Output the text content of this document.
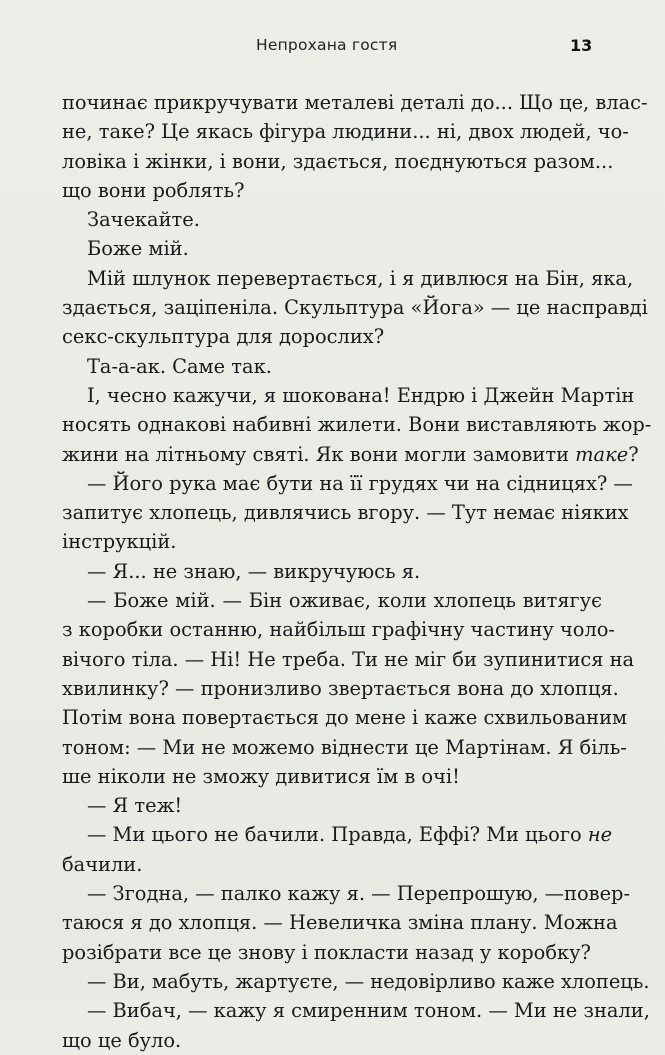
Непрохана гостя	13
починає прикручувати металеві деталі до... Що це, влас-
не, таке? Це якась фігура людини... ні, двох людей, чо-
ловіка і жінки, і вони, здається, поєднуються разом...
що вони роблять?
Зачекайте.
Боже мій.
Мій шлунок перевертається, і я дивлюся на Бін, яка,
здається, заціпеніла. Скульптура «Йога» — це насправді
секс-скульптура для дорослих?
Та-а-ак. Саме так.
І, чесно кажучи, я шокована! Ендрю і Джейн Мартін
носять однакові набивні жилети. Вони виставляють жор-
жини на літньому святі. Як вони могли замовити таке?
— Його рука має бути на її грудях чи на сідницях? —
запитує хлопець, дивлячись вгору. — Тут немає ніяких
інструкцій.
— Я... не знаю, — викручуюсь я.
— Боже мій. — Бін оживає, коли хлопець витягує
з коробки останню, найбільш графічну частину чоло-
вічого тіла. — Ні! Не треба. Ти не міг би зупинитися на
хвилинку? — пронизливо звертається вона до хлопця.
Потім вона повертається до мене і каже схвильованим
тоном: — Ми не можемо віднести це Мартінам. Я біль-
ше ніколи не зможу дивитися їм в очі!
— Я теж!
— Ми цього не бачили. Правда, Еффі? Ми цього не
бачили.
— Згодна, — палко кажу я. — Перепрошую, —повер-
таюся я до хлопця. — Невеличка зміна плану. Можна
розібрати все це знову і покласти назад у коробку?
— Ви, мабуть, жартуєте, — недовірливо каже хлопець.
— Вибач, — кажу я смиренним тоном. — Ми не знали,
що це було.
